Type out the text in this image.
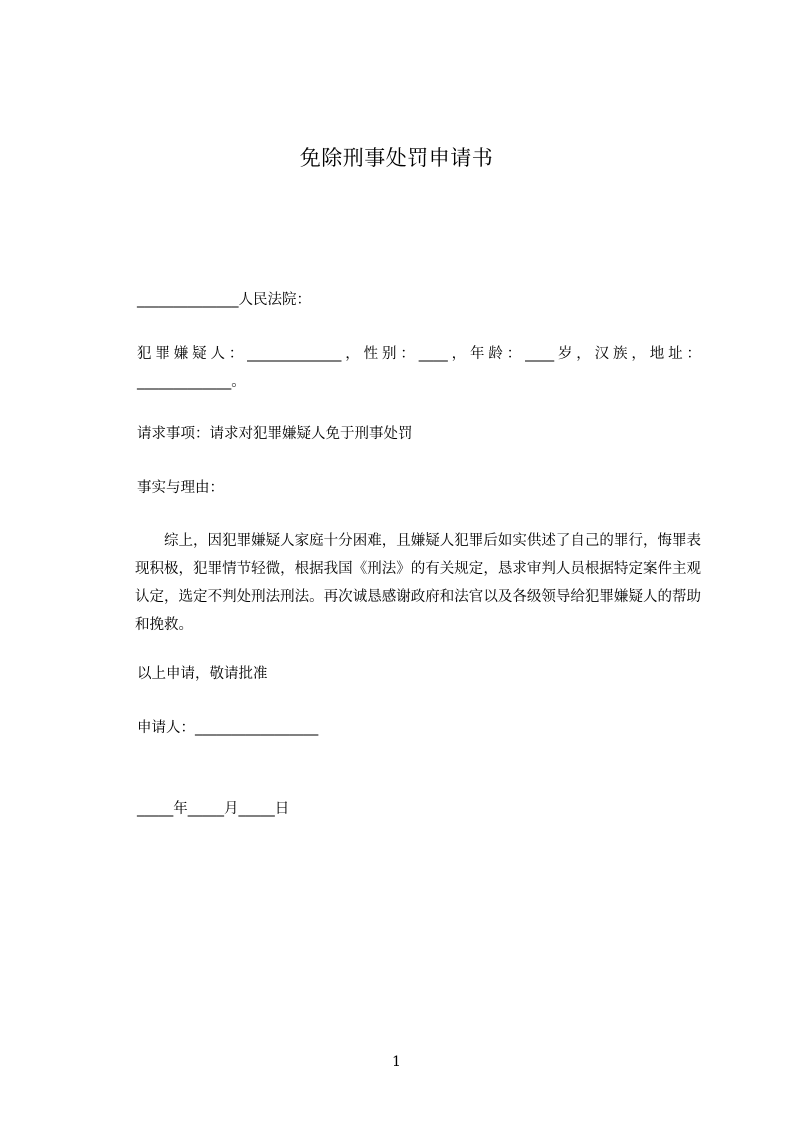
免除刑事处罚申请书
______________人民法院：
犯罪嫌疑人：_____________，性别：____，年龄：____岁，汉族，地址：_____________。
请求事项：请求对犯罪嫌疑人免于刑事处罚
事实与理由：
综上，因犯罪嫌疑人家庭十分困难，且嫌疑人犯罪后如实供述了自己的罪行，悔罪表现积极，犯罪情节轻微，根据我国《刑法》的有关规定，恳求审判人员根据特定案件主观认定，选定不判处刑法刑法。再次诚恳感谢政府和法官以及各级领导给犯罪嫌疑人的帮助和挽救。
以上申请，敬请批准
申请人：_________________
_____年_____月_____日
1
